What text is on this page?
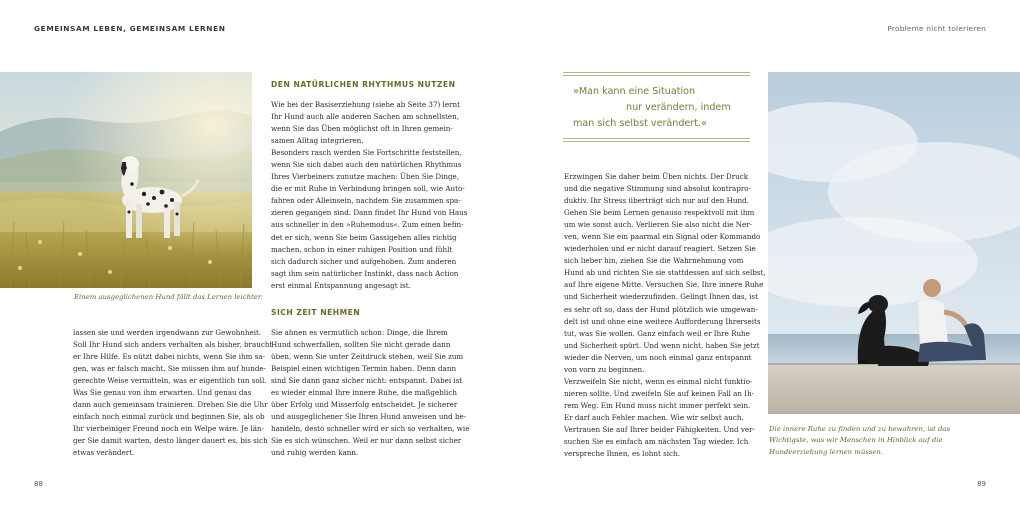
GEMEINSAM LEBEN, GEMEINSAM LERNEN	Probleme nicht tolerieren
Einem ausgeglichenen Hund fällt das Lernen leichter.
lassen sie und werden irgendwann zur Gewohnheit.
Soll Ihr Hund sich anders verhalten als bisher, braucht
er Ihre Hilfe. Es nützt dabei nichts, wenn Sie ihm sa-
gen, was er falsch macht. Sie müssen ihm auf hunde-
gerechte Weise vermitteln, was er eigentlich tun soll.
Was Sie genau von ihm erwarten. Und genau das
dann auch gemeinsam trainieren. Drehen Sie die Uhr
einfach noch einmal zurück und beginnen Sie, als ob
Ihr vierbeiniger Freund noch ein Welpe wäre. Je län-
ger Sie damit warten, desto länger dauert es, bis sich
etwas verändert.
DEN NATÜRLICHEN RHYTHMUS NUTZEN
Wie bei der Basiserziehung (siehe ab Seite 37) lernt
Ihr Hund auch alle anderen Sachen am schnellsten,
wenn Sie das Üben möglichst oft in Ihren gemein-
samen Alltag integrieren.
Besonders rasch werden Sie Fortschritte feststellen,
wenn Sie sich dabei auch den natürlichen Rhythmus
Ihres Vierbeiners zunutze machen: Üben Sie Dinge,
die er mit Ruhe in Verbindung bringen soll, wie Auto-
fahren oder Alleinsein, nachdem Sie zusammen spa-
zieren gegangen sind. Dann findet Ihr Hund von Haus
aus schneller in den »Ruhemodus«. Zum einen befin-
det er sich, wenn Sie beim Gassigehen alles richtig
machen, schon in einer ruhigen Position und fühlt
sich dadurch sicher und aufgehoben. Zum anderen
sagt ihm sein natürlicher Instinkt, dass nach Action
erst einmal Entspannung angesagt ist.
SICH ZEIT NEHMEN
Sie ahnen es vermutlich schon: Dinge, die Ihrem
Hund schwerfallen, sollten Sie nicht gerade dann
üben, wenn Sie unter Zeitdruck stehen, weil Sie zum
Beispiel einen wichtigen Termin haben. Denn dann
sind Sie dann ganz sicher nicht: entspannt. Dabei ist
es wieder einmal Ihre innere Ruhe, die maßgeblich
über Erfolg und Misserfolg entscheidet. Je sicherer
und ausgeglichener Sie Ihren Hund anweisen und be-
handeln, desto schneller wird er sich so verhalten, wie
Sie es sich wünschen. Weil er nur dann selbst sicher
und ruhig werden kann.
»Man kann eine Situation
nur verändern, indem
man sich selbst verändert.«
Erzwingen Sie daher beim Üben nichts. Der Druck
und die negative Stimmung sind absolut kontrapro-
duktiv. Ihr Stress überträgt sich nur auf den Hund.
Gehen Sie beim Lernen genauso respektvoll mit ihm
um wie sonst auch. Verlieren Sie also nicht die Ner-
ven, wenn Sie ein paarmal ein Signal oder Kommando
wiederholen und er nicht darauf reagiert. Setzen Sie
sich lieber hin, ziehen Sie die Wahrnehmung vom
Hund ab und richten Sie sie stattdessen auf sich selbst,
auf Ihre eigene Mitte. Versuchen Sie, Ihre innere Ruhe
und Sicherheit wiederzufinden. Gelingt Ihnen das, ist
es sehr oft so, dass der Hund plötzlich wie umgewan-
delt ist und ohne eine weitere Aufforderung Ihrerseits
tut, was Sie wollen. Ganz einfach weil er Ihre Ruhe
und Sicherheit spürt. Und wenn nicht, haben Sie jetzt
wieder die Nerven, um noch einmal ganz entspannt
von vorn zu beginnen.
Verzweifeln Sie nicht, wenn es einmal nicht funktio-
nieren sollte. Und zweifeln Sie auf keinen Fall an Ih-
rem Weg. Ein Hund muss nicht immer perfekt sein.
Er darf auch Fehler machen. Wie wir selbst auch.
Vertrauen Sie auf Ihrer beider Fähigkeiten. Und ver-
suchen Sie es einfach am nächsten Tag wieder. Ich
verspreche Ihnen, es lohnt sich.
Die innere Ruhe zu finden und zu bewahren, ist das
Wichtigste, was wir Menschen in Hinblick auf die
Hundeerziehung lernen müssen.
88	89
